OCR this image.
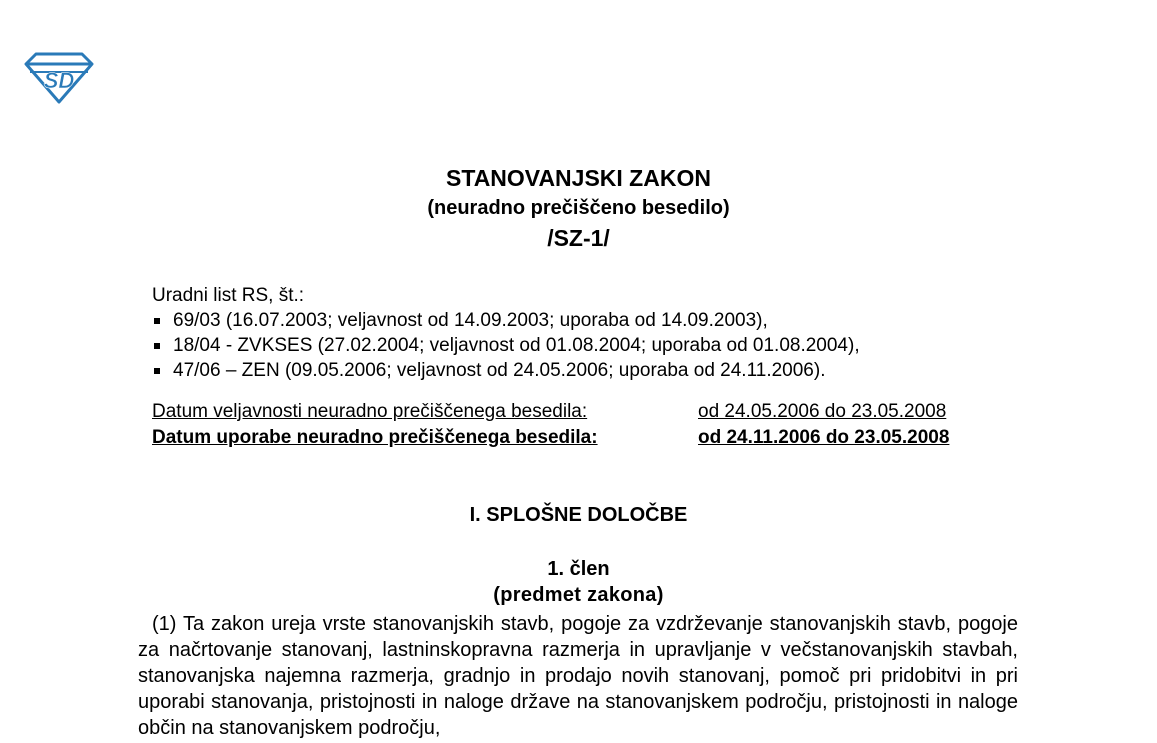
SD
STANOVANJSKI ZAKON
(neuradno prečiščeno besedilo)
/SZ-1/
Uradni list RS, št.:
69/03 (16.07.2003; veljavnost od 14.09.2003; uporaba od 14.09.2003),
18/04 - ZVKSES (27.02.2004; veljavnost od 01.08.2004; uporaba od 01.08.2004),
47/06 – ZEN (09.05.2006; veljavnost od 24.05.2006; uporaba od 24.11.2006).
Datum veljavnosti neuradno prečiščenega besedila:	od 24.05.2006 do 23.05.2008
Datum uporabe neuradno prečiščenega besedila:	od 24.11.2006 do 23.05.2008
I. SPLOŠNE DOLOČBE
1. člen
(predmet zakona)

(1) Ta zakon ureja vrste stanovanjskih stavb, pogoje za vzdrževanje stanovanjskih stavb, pogoje za načrtovanje stanovanj, lastninskopravna razmerja in upravljanje v večstanovanjskih stavbah, stanovanjska najemna razmerja, gradnjo in prodajo novih stanovanj, pomoč pri pridobitvi in pri uporabi stanovanja, pristojnosti in naloge države na stanovanjskem področju, pristojnosti in naloge občin na stanovanjskem področju,
